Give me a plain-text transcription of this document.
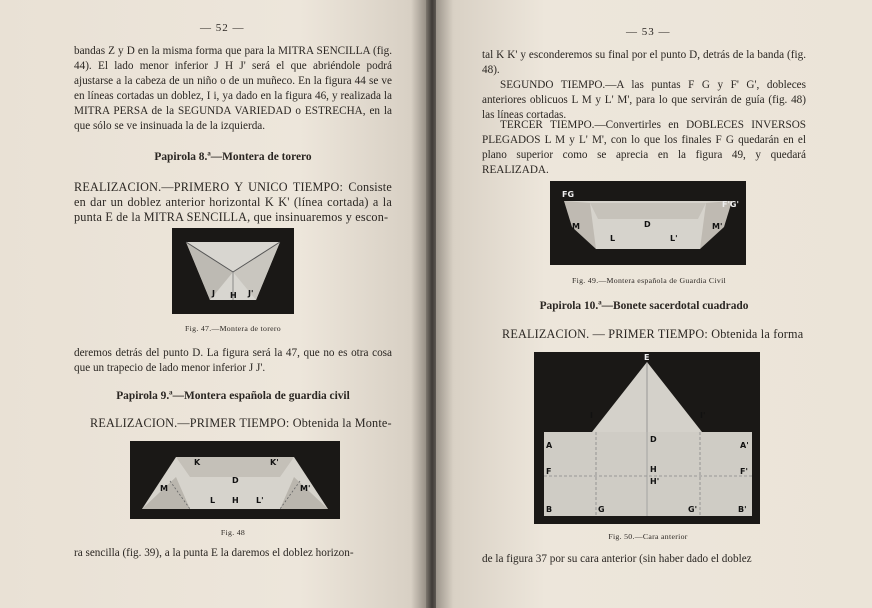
— 52 —

bandas Z y D en la misma forma que para la MITRA SENCILLA (fig. 44). El lado menor inferior J H J' será el que abriéndole podrá ajustarse a la cabeza de un niño o de un muñeco. En la figura 44 se ve en líneas cortadas un doblez, I i, ya dado en la figura 46, y realizada la MITRA PERSA de la SEGUNDA VARIEDAD o ESTRECHA, en la que sólo se ve insinuada la de la izquierda.

Papirola 8.ª—Montera de torero

REALIZACION.—PRIMERO Y UNICO TIEMPO: Consiste en dar un doblez anterior horizontal K K' (línea cortada) a la punta E de la MITRA SENCILLA, que insinuaremos y escon-

J H J'

Fig. 47.—Montera de torero

deremos detrás del punto D. La figura será la 47, que no es otra cosa que un trapecio de lado menor inferior J J'.

Papirola 9.ª—Montera española de guardia civil

REALIZACION.—PRIMER TIEMPO: Obtenida la Monte-

K	K'
D
L H L'
M	M'

Fig. 48

ra sencilla (fig. 39), a la punta E la daremos el doblez horizon-

— 53 —

tal K K' y esconderemos su final por el punto D, detrás de la banda (fig. 48).

SEGUNDO TIEMPO.—A las puntas F G y F' G', dobleces anteriores oblicuos L M y L' M', para lo que servirán de guía (fig. 48) las líneas cortadas.

TERCER TIEMPO.—Convertirles en DOBLECES INVERSOS PLEGADOS L M y L' M', con lo que los finales F G quedarán en el plano superior como se aprecia en la figura 49, y quedará REALIZADA.

FG
F'G'
M	D
L	L'
M'

Fig. 49.—Montera española de Guardia Civil

Papirola 10.ª—Bonete sacerdotal cuadrado

REALIZACION. — PRIMER TIEMPO: Obtenida la forma

E
I	I'
A
D
A'
F	H	F'
H'
B	G	G'	B'

Fig. 50.—Cara anterior

de la figura 37 por su cara anterior (sin haber dado el doblez
